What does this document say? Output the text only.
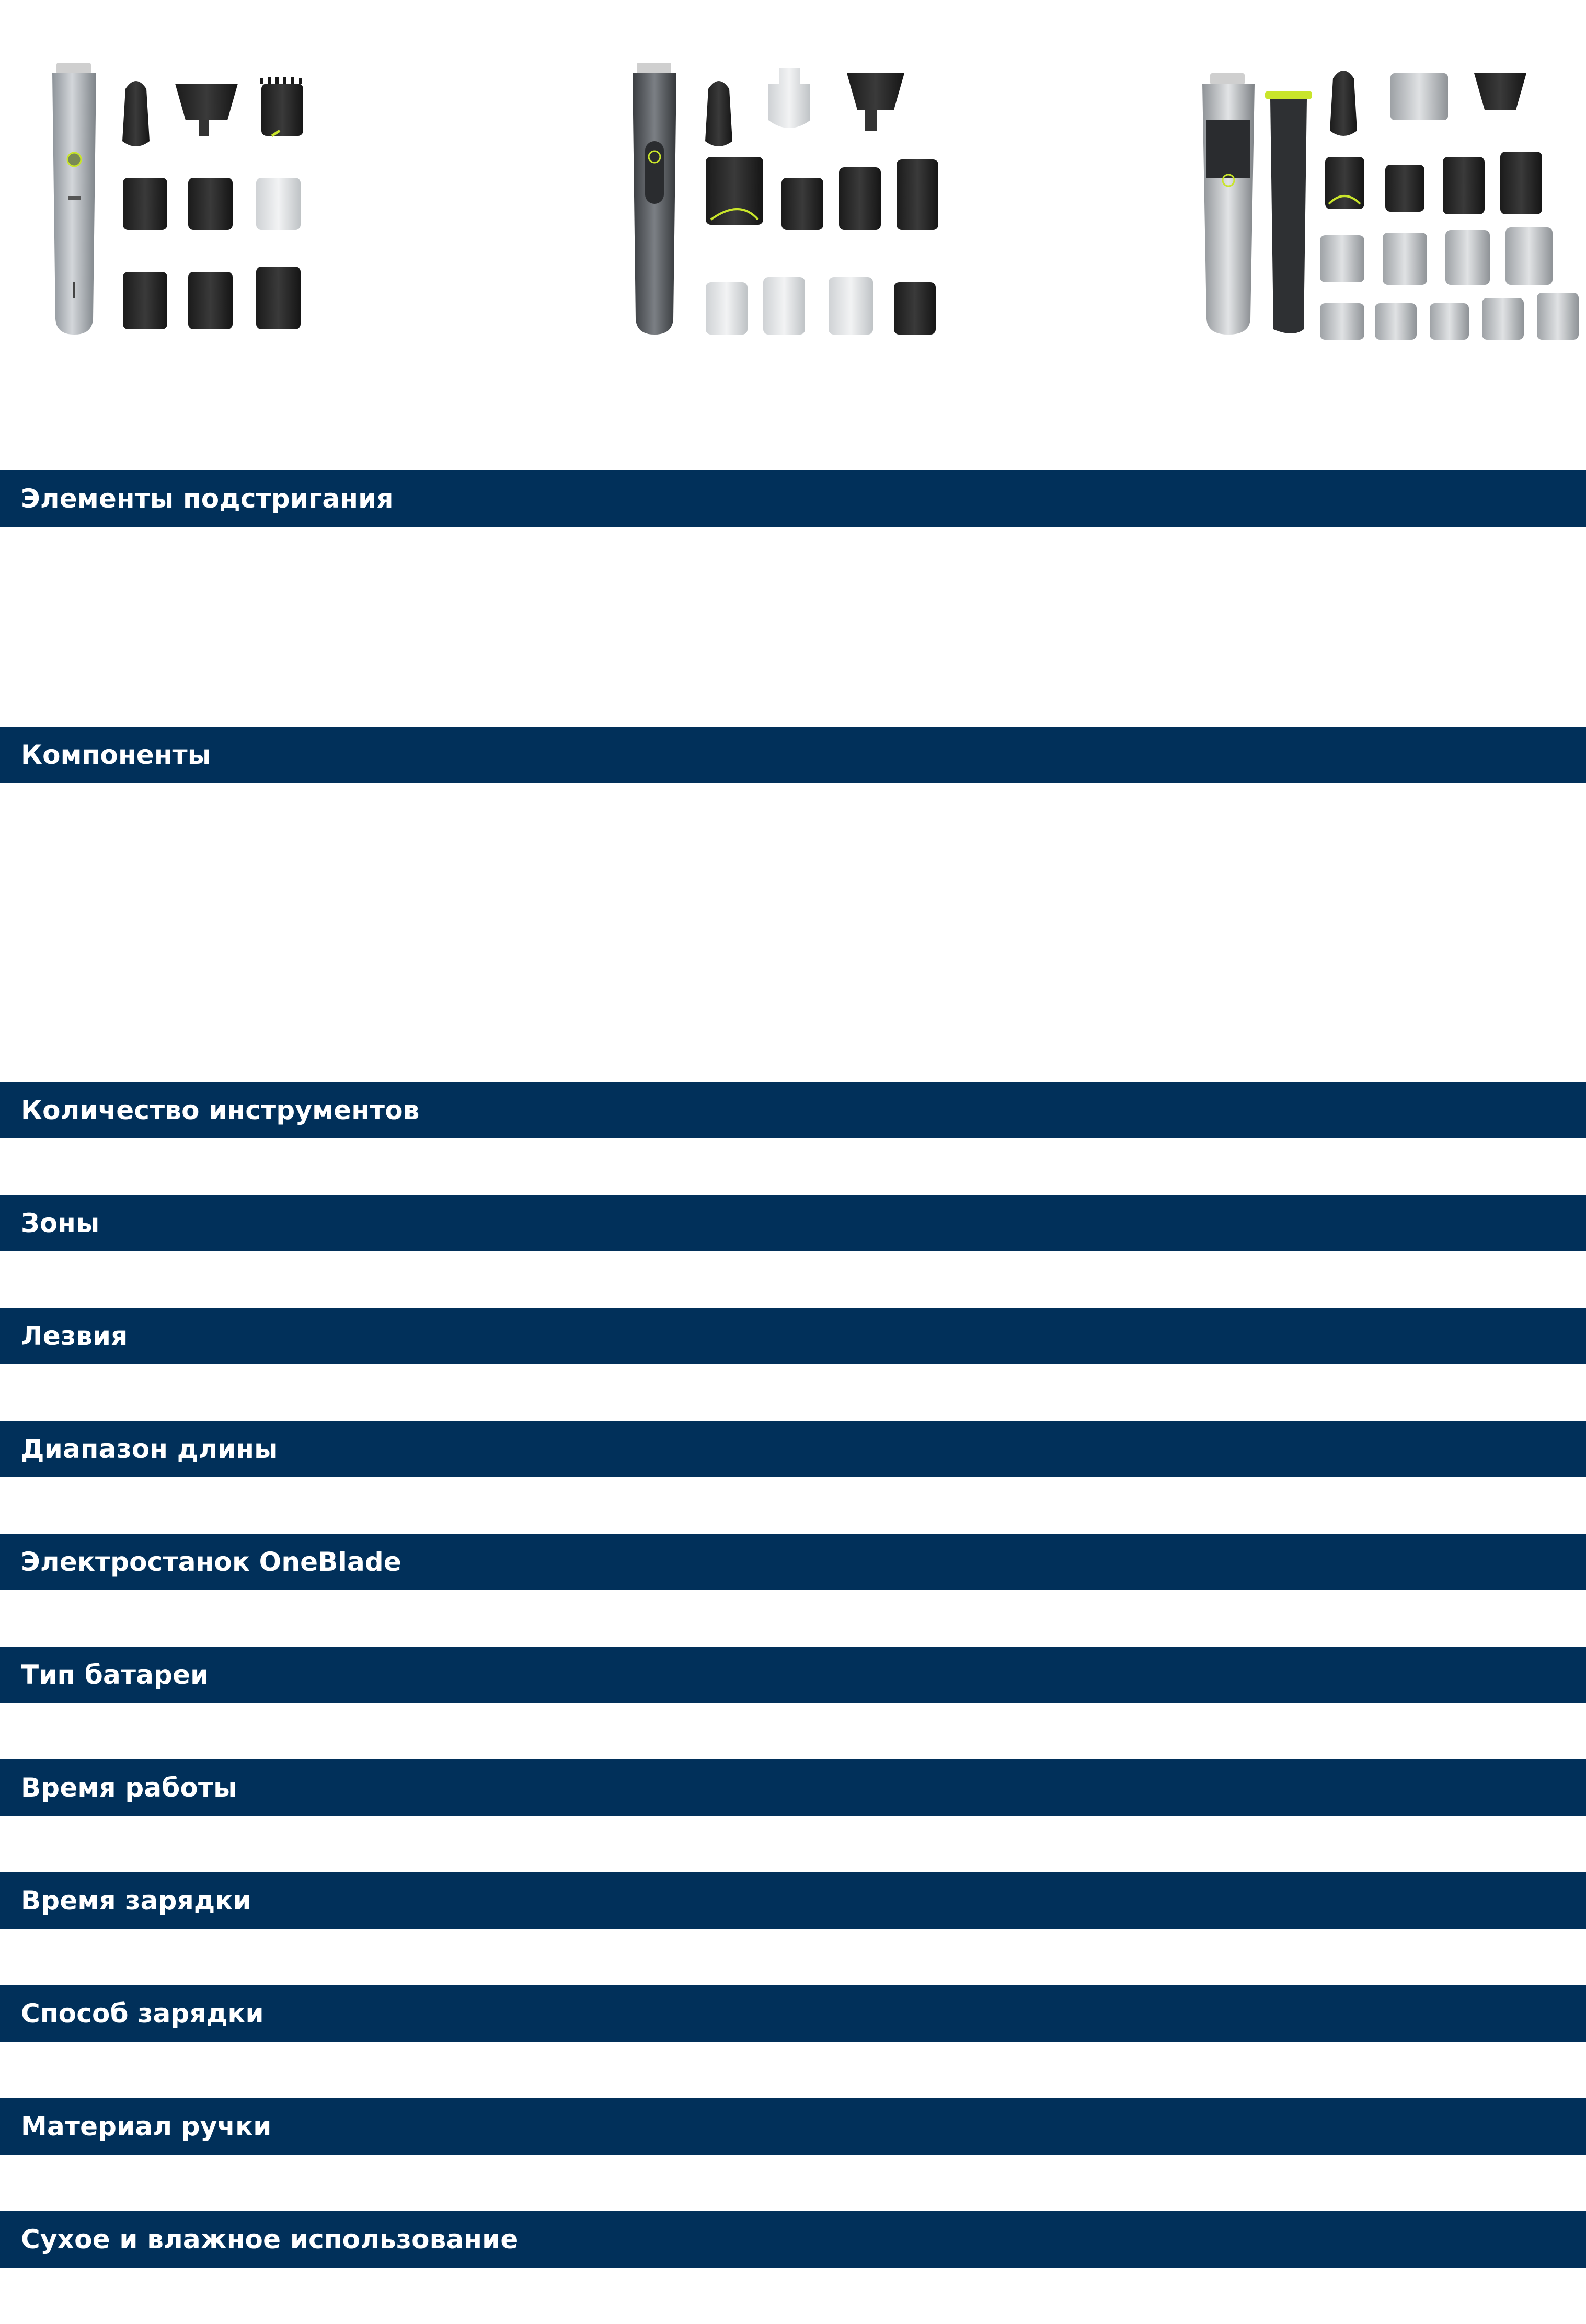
Элементы подстригания
Компоненты
Количество инструментов
Зоны
Лезвия
Диапазон длины
Электростанок OneBlade
Тип батареи
Время работы
Время зарядки
Способ зарядки
Материал ручки
Сухое и влажное использование
